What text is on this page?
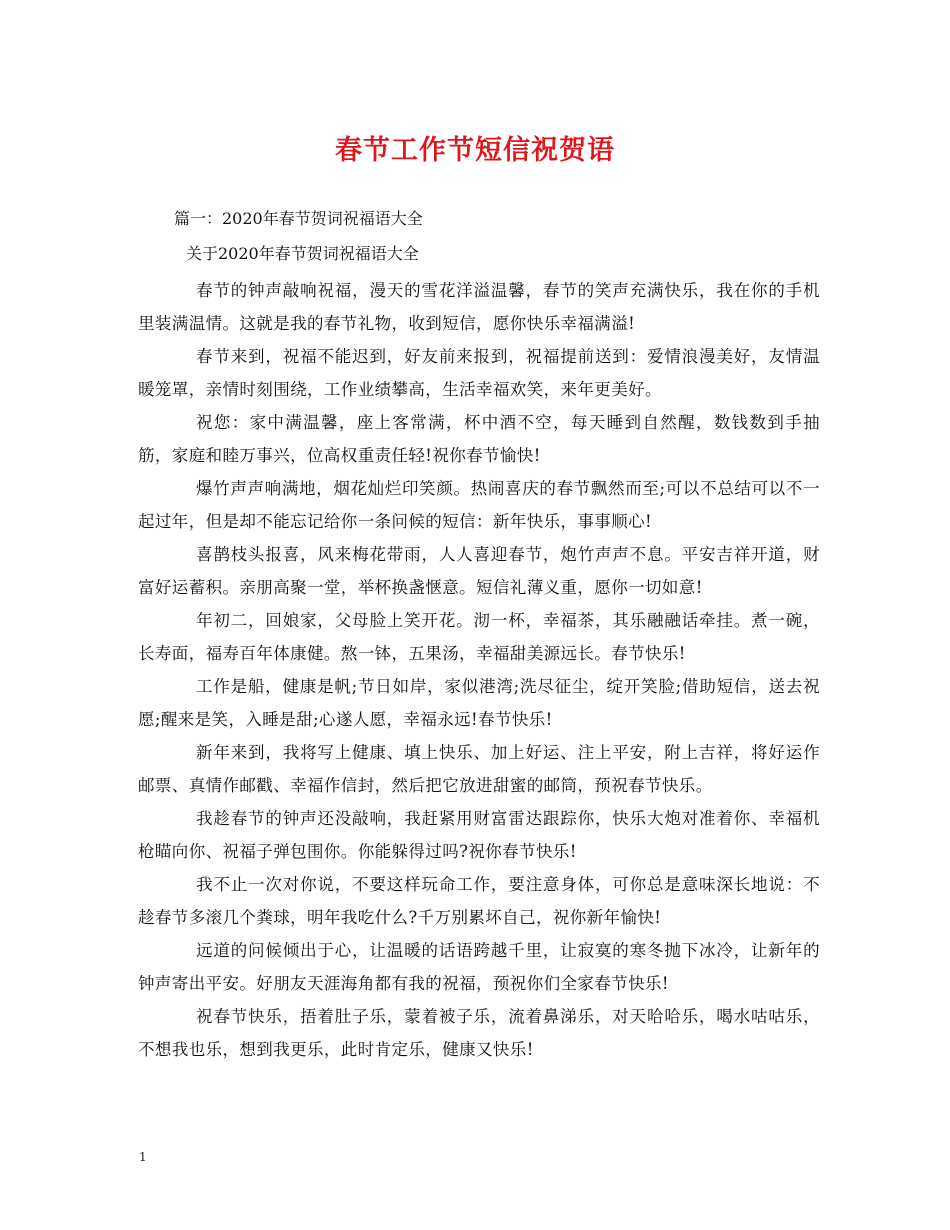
春节工作节短信祝贺语
篇一：2020年春节贺词祝福语大全
关于2020年春节贺词祝福语大全

春节的钟声敲响祝福，漫天的雪花洋溢温馨，春节的笑声充满快乐，我在你的手机里装满温情。这就是我的春节礼物，收到短信，愿你快乐幸福满溢!

春节来到，祝福不能迟到，好友前来报到，祝福提前送到：爱情浪漫美好，友情温暖笼罩，亲情时刻围绕，工作业绩攀高，生活幸福欢笑，来年更美好。

祝您：家中满温馨，座上客常满，杯中酒不空，每天睡到自然醒，数钱数到手抽筋，家庭和睦万事兴，位高权重责任轻!祝你春节愉快!

爆竹声声响满地，烟花灿烂印笑颜。热闹喜庆的春节飘然而至;可以不总结可以不一起过年，但是却不能忘记给你一条问候的短信：新年快乐，事事顺心!

喜鹊枝头报喜，风来梅花带雨，人人喜迎春节，炮竹声声不息。平安吉祥开道，财富好运蓄积。亲朋高聚一堂，举杯换盏惬意。短信礼薄义重，愿你一切如意!

年初二，回娘家，父母脸上笑开花。沏一杯，幸福茶，其乐融融话牵挂。煮一碗，长寿面，福寿百年体康健。熬一钵，五果汤，幸福甜美源远长。春节快乐!

工作是船，健康是帆;节日如岸，家似港湾;洗尽征尘，绽开笑脸;借助短信，送去祝愿;醒来是笑，入睡是甜;心遂人愿，幸福永远!春节快乐!

新年来到，我将写上健康、填上快乐、加上好运、注上平安，附上吉祥，将好运作邮票、真情作邮戳、幸福作信封，然后把它放进甜蜜的邮筒，预祝春节快乐。

我趁春节的钟声还没敲响，我赶紧用财富雷达跟踪你，快乐大炮对准着你、幸福机枪瞄向你、祝福子弹包围你。你能躲得过吗?祝你春节快乐!

我不止一次对你说，不要这样玩命工作，要注意身体，可你总是意味深长地说：不趁春节多滚几个粪球，明年我吃什么?千万别累坏自己，祝你新年愉快!

远道的问候倾出于心，让温暖的话语跨越千里，让寂寞的寒冬抛下冰冷，让新年的钟声寄出平安。好朋友天涯海角都有我的祝福，预祝你们全家春节快乐!

祝春节快乐，捂着肚子乐，蒙着被子乐，流着鼻涕乐，对天哈哈乐，喝水咕咕乐，不想我也乐，想到我更乐，此时肯定乐，健康又快乐!

1
